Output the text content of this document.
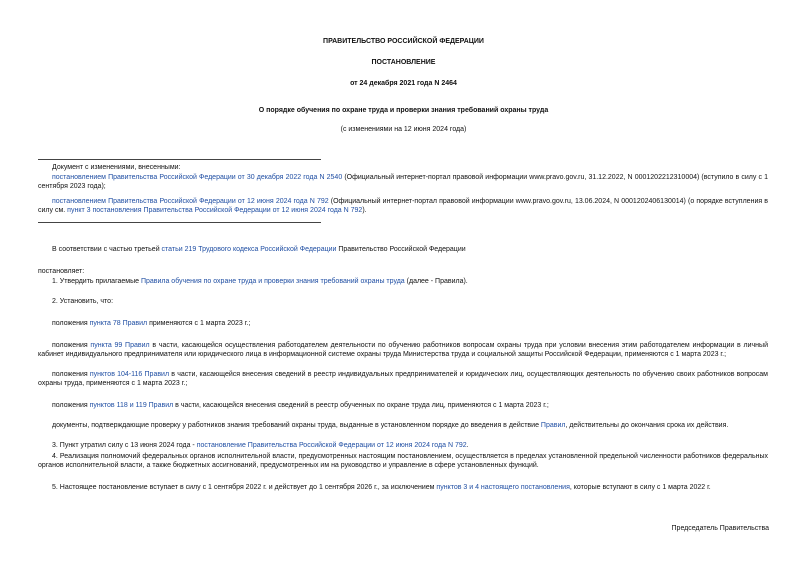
ПРАВИТЕЛЬСТВО РОССИЙСКОЙ ФЕДЕРАЦИИ
ПОСТАНОВЛЕНИЕ
от 24 декабря 2021 года N 2464
О порядке обучения по охране труда и проверки знания требований охраны труда
(с изменениями на 12 июня 2024 года)
Документ с изменениями, внесенными:
постановлением Правительства Российской Федерации от 30 декабря 2022 года N 2540 (Официальный интернет-портал правовой информации www.pravo.gov.ru, 31.12.2022, N 0001202212310004) (вступило в силу с 1 сентября 2023 года);
постановлением Правительства Российской Федерации от 12 июня 2024 года N 792 (Официальный интернет-портал правовой информации www.pravo.gov.ru, 13.06.2024, N 0001202406130014) (о порядке вступления в силу см. пункт 3 постановления Правительства Российской Федерации от 12 июня 2024 года N 792).
В соответствии с частью третьей статьи 219 Трудового кодекса Российской Федерации Правительство Российской Федерации
постановляет:
1. Утвердить прилагаемые Правила обучения по охране труда и проверки знания требований охраны труда (далее - Правила).
2. Установить, что:
положения пункта 78 Правил применяются с 1 марта 2023 г.;
положения пункта 99 Правил в части, касающейся осуществления работодателем деятельности по обучению работников вопросам охраны труда при условии внесения этим работодателем информации в личный кабинет индивидуального предпринимателя или юридического лица в информационной системе охраны труда Министерства труда и социальной защиты Российской Федерации, применяются с 1 марта 2023 г.;
положения пунктов 104-116 Правил в части, касающейся внесения сведений в реестр индивидуальных предпринимателей и юридических лиц, осуществляющих деятельность по обучению своих работников вопросам охраны труда, применяются с 1 марта 2023 г.;
положения пунктов 118 и 119 Правил в части, касающейся внесения сведений в реестр обученных по охране труда лиц, применяются с 1 марта 2023 г.;
документы, подтверждающие проверку у работников знания требований охраны труда, выданные в установленном порядке до введения в действие Правил, действительны до окончания срока их действия.
3. Пункт утратил силу с 13 июня 2024 года - постановление Правительства Российской Федерации от 12 июня 2024 года N 792.
4. Реализация полномочий федеральных органов исполнительной власти, предусмотренных настоящим постановлением, осуществляется в пределах установленной предельной численности работников федеральных органов исполнительной власти, а также бюджетных ассигнований, предусмотренных им на руководство и управление в сфере установленных функций.
5. Настоящее постановление вступает в силу с 1 сентября 2022 г. и действует до 1 сентября 2026 г., за исключением пунктов 3 и 4 настоящего постановления, которые вступают в силу с 1 марта 2022 г.
Председатель Правительства
